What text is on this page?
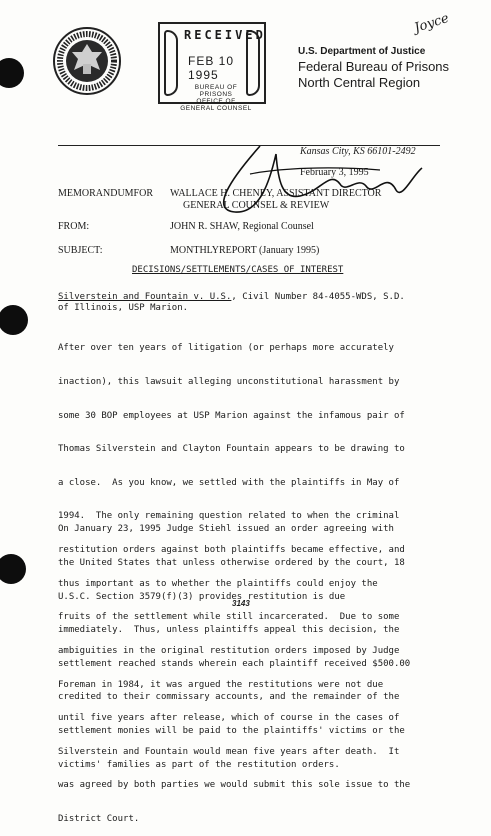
RECEIVED
FEB 10 1995
BUREAU OF PRISONS
OFFICE OF GENERAL COUNSEL
Joyce
U.S. Department of Justice
Federal Bureau of Prisons
North Central Region
Kansas City, KS 66101-2492
February 3, 1995
MEMORANDUMFOR WALLACE H. CHENEY, ASSISTANT DIRECTOR
GENERAL COUNSEL & REVIEW
FROM:	JOHN R. SHAW, Regional Counsel
SUBJECT:	MONTHLYREPORT (January 1995)
DECISIONS/SETTLEMENTS/CASES OF INTEREST
Silverstein and Fountain v. U.S., Civil Number 84-4055-WDS, S.D.
of Illinois, USP Marion.

After over ten years of litigation (or perhaps more accurately

inaction), this lawsuit alleging unconstitutional harassment by

some 30 BOP employees at USP Marion against the infamous pair of

Thomas Silverstein and Clayton Fountain appears to be drawing to

a close.  As you know, we settled with the plaintiffs in May of

1994.  The only remaining question related to when the criminal

restitution orders against both plaintiffs became effective, and

thus important as to whether the plaintiffs could enjoy the

fruits of the settlement while still incarcerated.  Due to some

ambiguities in the original restitution orders imposed by Judge

Foreman in 1984, it was argued the restitutions were not due

until five years after release, which of course in the cases of

Silverstein and Fountain would mean five years after death.  It

was agreed by both parties we would submit this sole issue to the

District Court.

On January 23, 1995 Judge Stiehl issued an order agreeing with

the United States that unless otherwise ordered by the court, 18

U.S.C. Section 3579(f)(3) provides restitution is due

immediately.  Thus, unless plaintiffs appeal this decision, the

settlement reached stands wherein each plaintiff received $500.00

credited to their commissary accounts, and the remainder of the

settlement monies will be paid to the plaintiffs' victims or the

victims' families as part of the restitution orders.

3143
